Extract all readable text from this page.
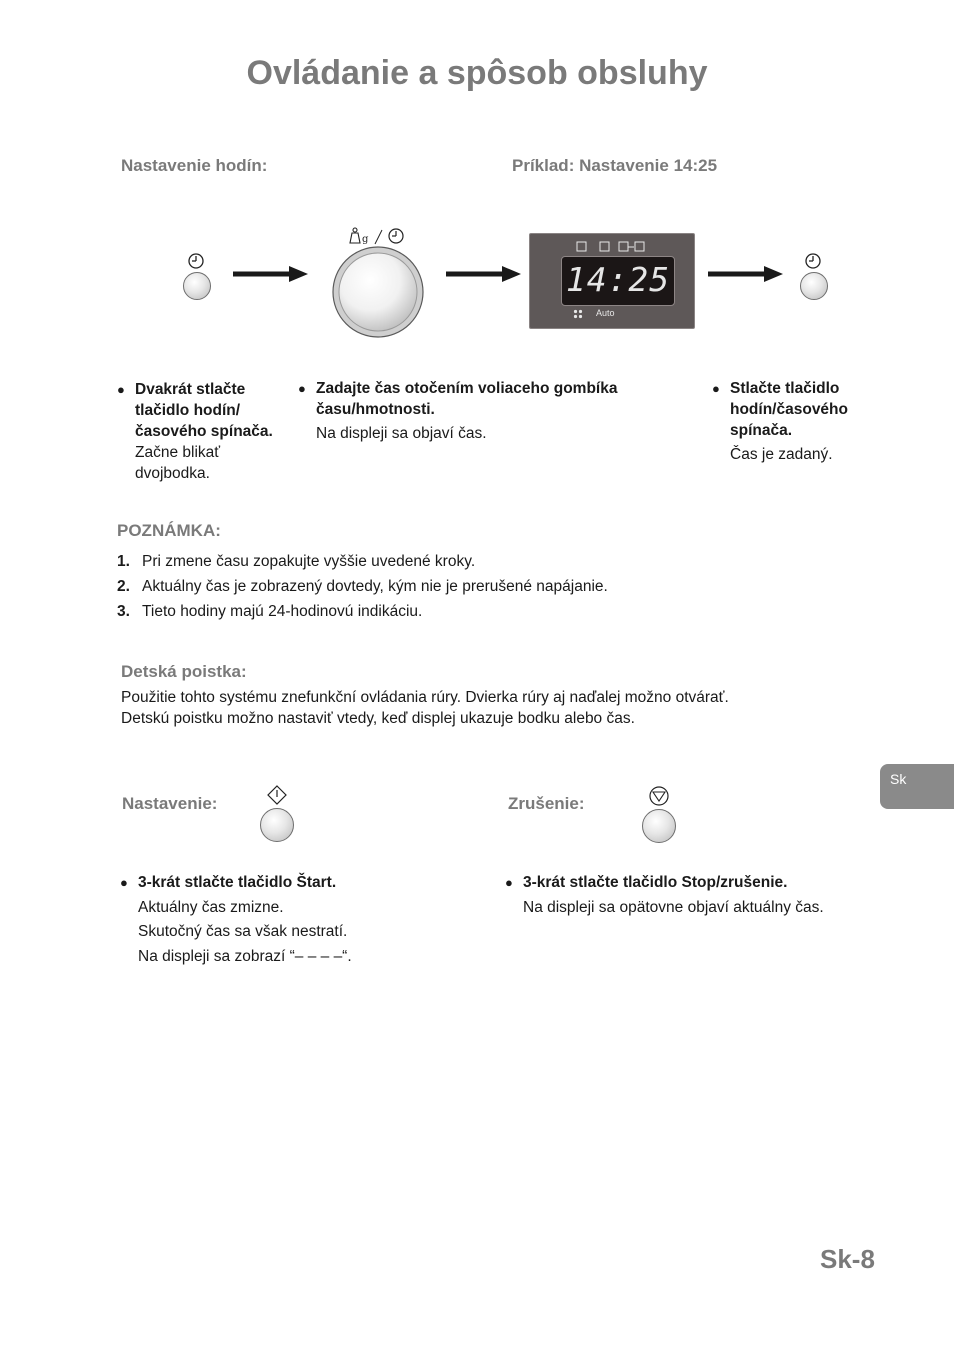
Ovládanie a spôsob obsluhy
Nastavenie hodín:	Príklad: Nastavenie 14:25
g
14:25
Auto
● Dvakrát stlačte tlačidlo hodín/časového spínača. Začne blikať dvojbodka.
● Zadajte čas otočením voliaceho gombíka času/hmotnosti.
Na displeji sa objaví čas.
● Stlačte tlačidlo hodín/časového spínača.
Čas je zadaný.
POZNÁMKA:
1. Pri zmene času zopakujte vyššie uvedené kroky.
2. Aktuálny čas je zobrazený dovtedy, kým nie je prerušené napájanie.
3. Tieto hodiny majú 24-hodinovú indikáciu.
Detská poistka:
Použitie tohto systému znefunkční ovládania rúry. Dvierka rúry aj naďalej možno otvárať.
Detskú poistku možno nastaviť vtedy, keď displej ukazuje bodku alebo čas.
Sk
Nastavenie:	Zrušenie:
● 3-krát stlačte tlačidlo Štart.
Aktuálny čas zmizne.
Skutočný čas sa však nestratí.
Na displeji sa zobrazí “– – – –“.
● 3-krát stlačte tlačidlo Stop/zrušenie.
Na displeji sa opätovne objaví aktuálny čas.
Sk-8
